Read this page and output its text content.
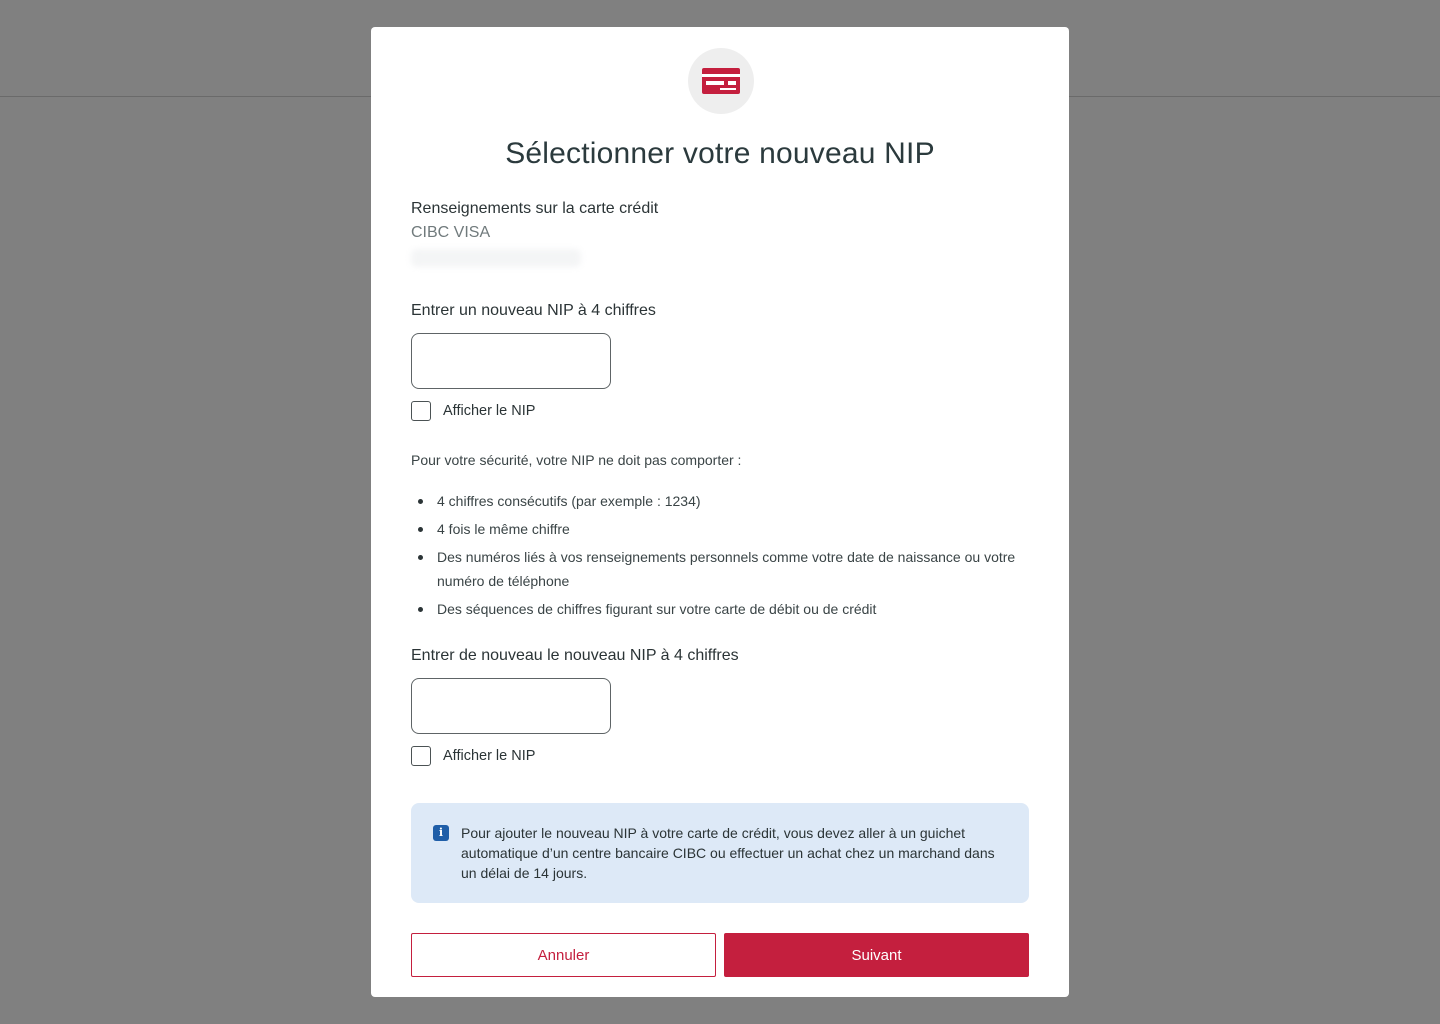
Sélectionner votre nouveau NIP
Renseignements sur la carte crédit
CIBC VISA
Entrer un nouveau NIP à 4 chiffres
Afficher le NIP
Pour votre sécurité, votre NIP ne doit pas comporter :
4 chiffres consécutifs (par exemple : 1234)
4 fois le même chiffre
Des numéros liés à vos renseignements personnels comme votre date de naissance ou votre numéro de téléphone
Des séquences de chiffres figurant sur votre carte de débit ou de crédit
Entrer de nouveau le nouveau NIP à 4 chiffres
Afficher le NIP
i	Pour ajouter le nouveau NIP à votre carte de crédit, vous devez aller à un guichet automatique d’un centre bancaire CIBC ou effectuer un achat chez un marchand dans un délai de 14 jours.
Annuler	Suivant
